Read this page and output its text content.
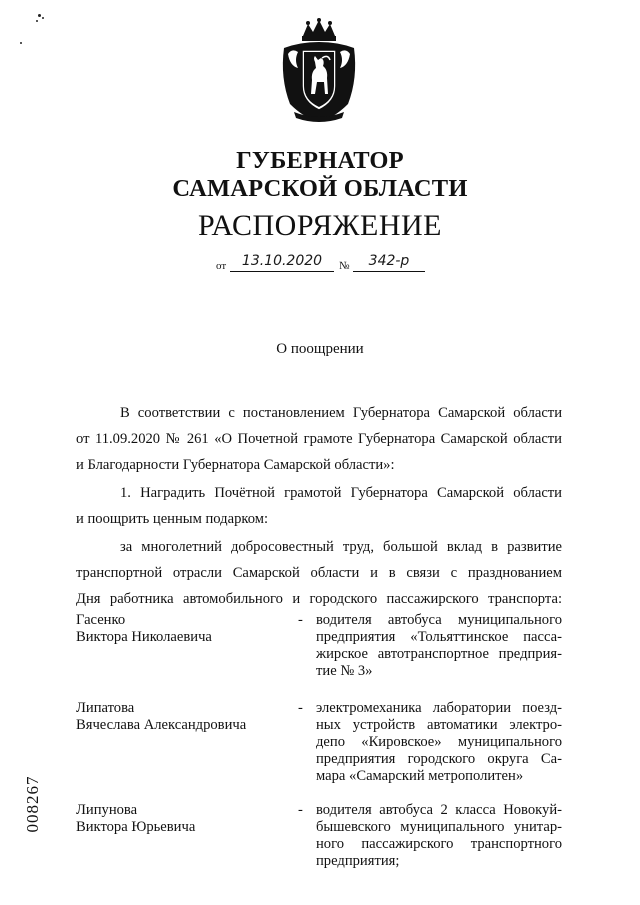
ГУБЕРНАТОР
САМАРСКОЙ ОБЛАСТИ
РАСПОРЯЖЕНИЕ
от	13.10.2020	№	342-р
О поощрении
В соответствии с постановлением Губернатора Самарской области
от 11.09.2020 № 261 «О Почетной грамоте Губернатора Самарской области
и Благодарности Губернатора Самарской области»:
1. Наградить Почётной грамотой Губернатора Самарской области
и поощрить ценным подарком:
за многолетний добросовестный труд, большой вклад в развитие
транспортной отрасли Самарской области и в связи с празднованием
Дня работника автомобильного и городского пассажирского транспорта:
Гасенко
Виктора Николаевича
- водителя автобуса муниципального
предприятия «Тольяттинское пасса-
жирское автотранспортное предприя-
тие № 3»
Липатова
Вячеслава Александровича
- электромеханика лаборатории поезд-
ных устройств автоматики электро-
депо «Кировское» муниципального
предприятия городского округа Са-
мара «Самарский метрополитен»
Липунова
Виктора Юрьевича
- водителя автобуса 2 класса Новокуй-
бышевского муниципального унитар-
ного пассажирского транспортного
предприятия;
008267
